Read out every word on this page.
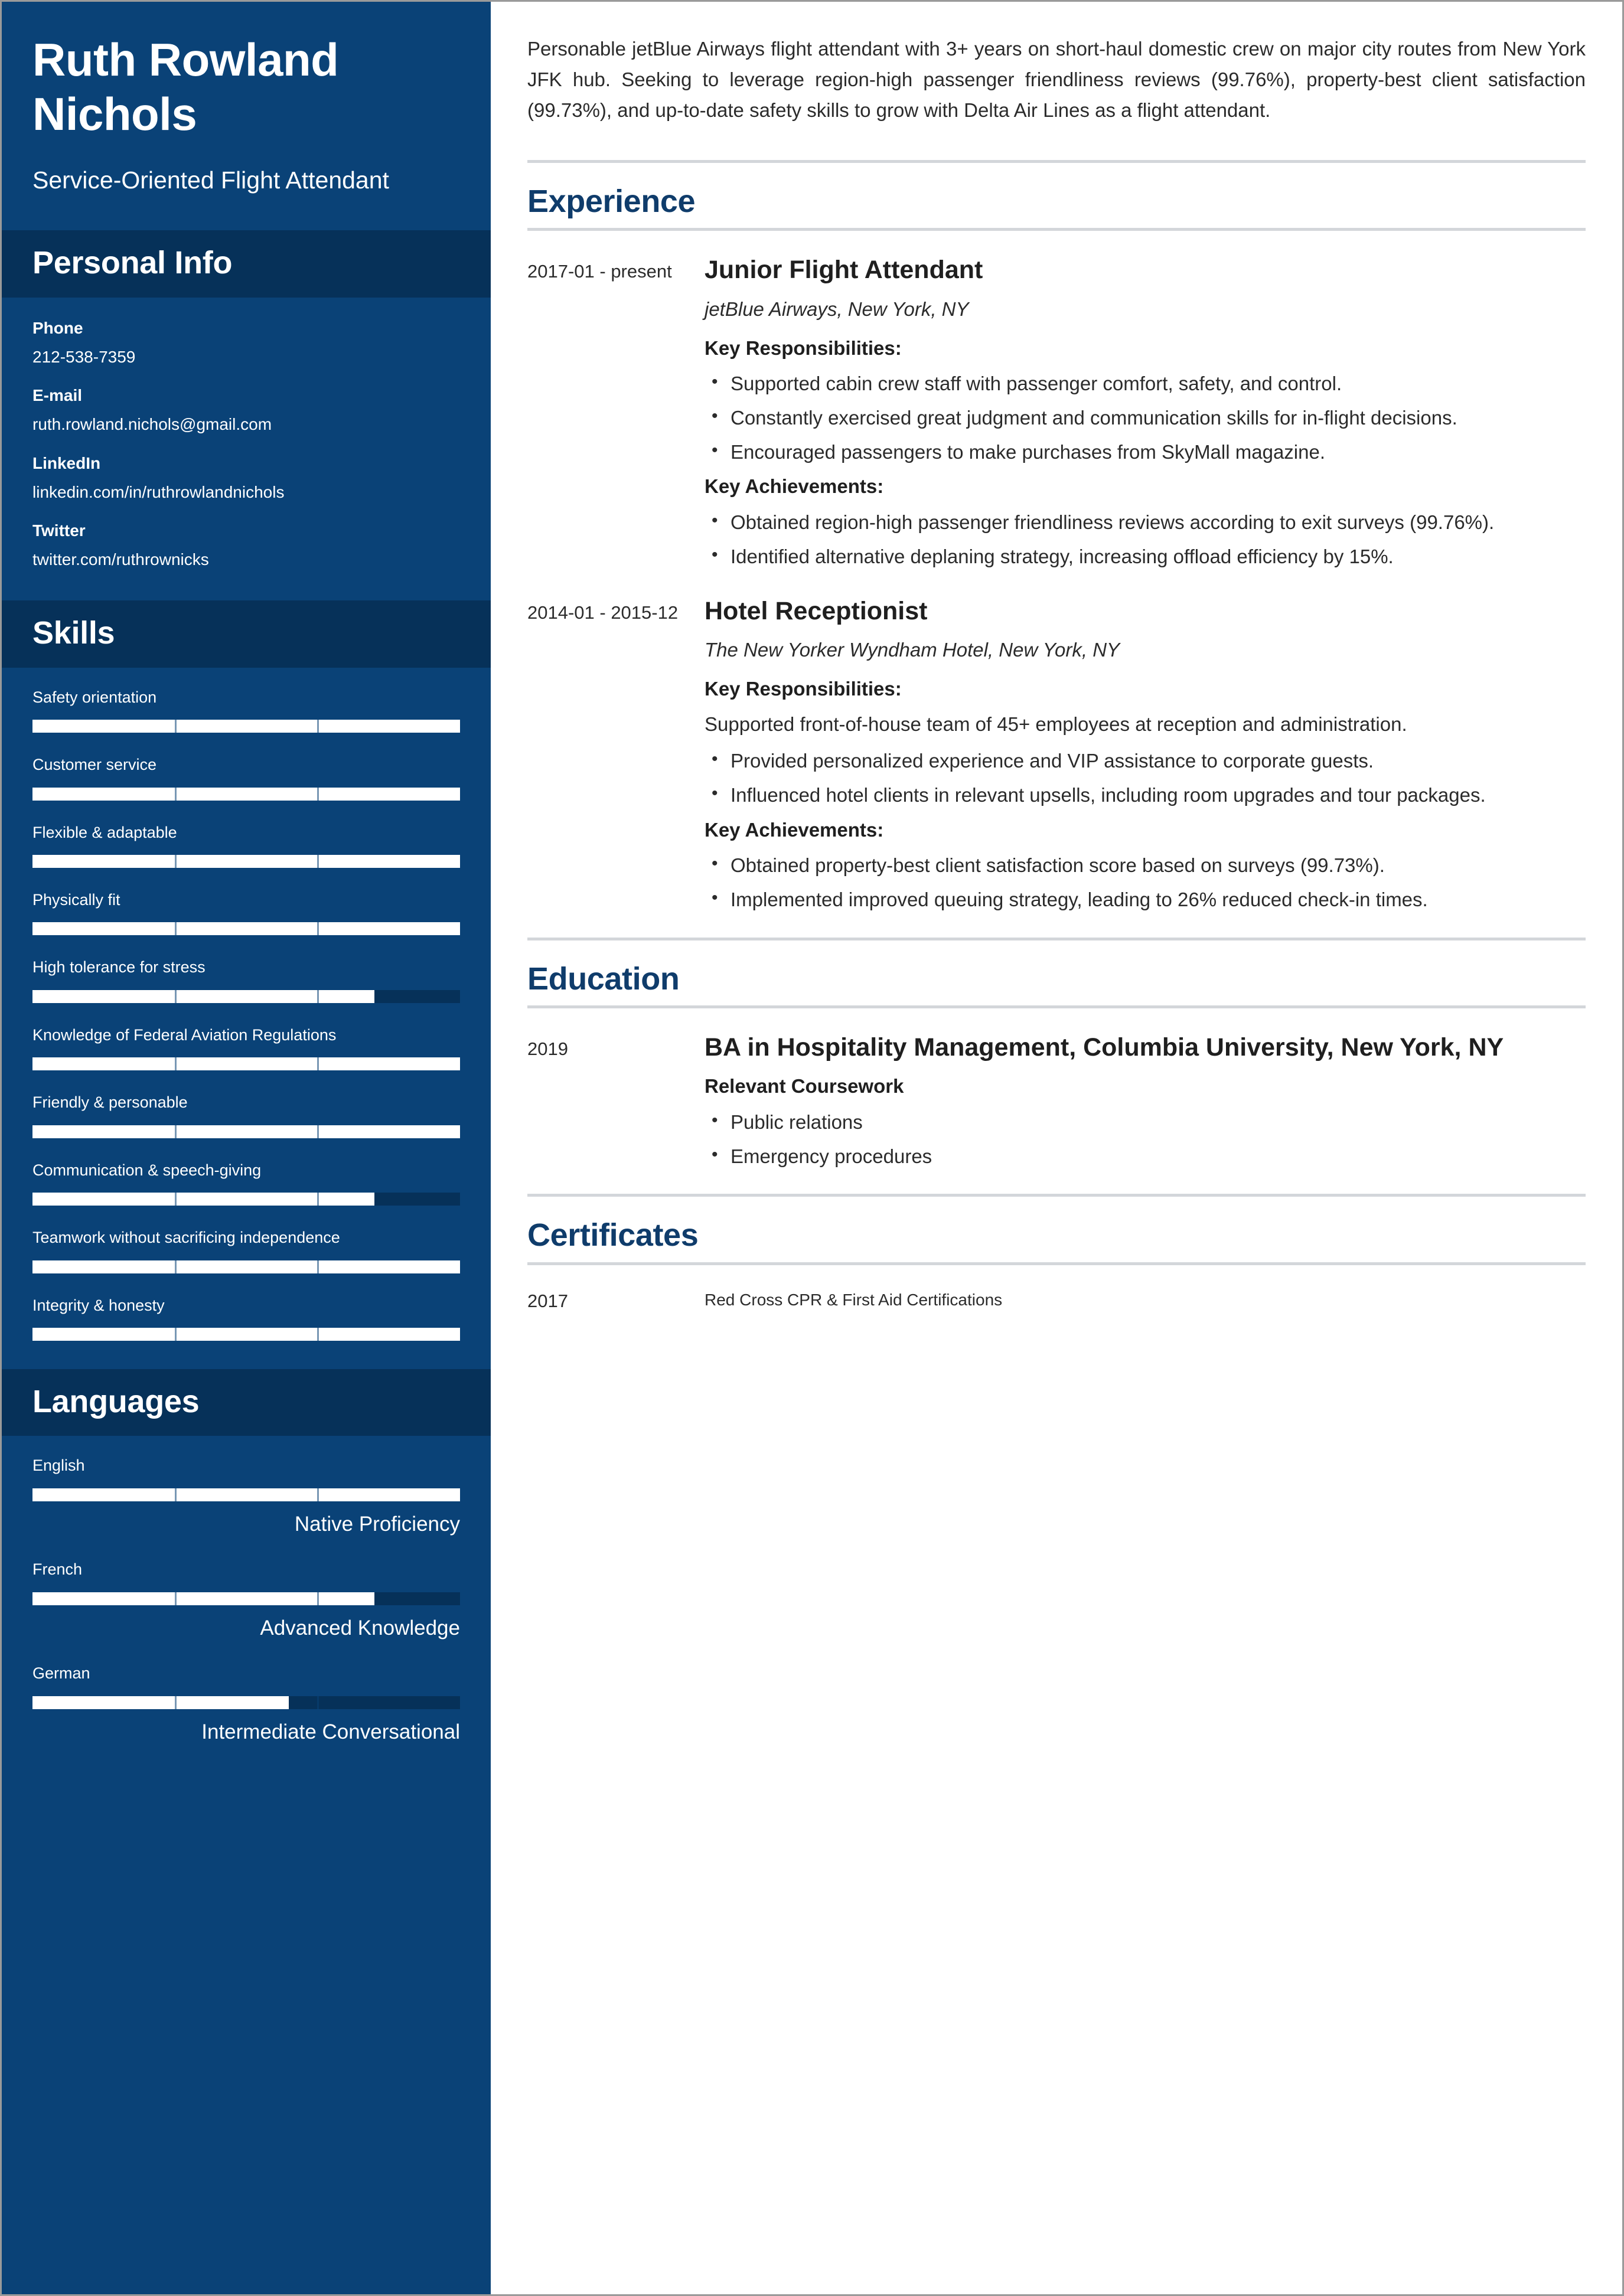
Ruth Rowland Nichols
Service-Oriented Flight Attendant
Personal Info
Phone
212-538-7359
E-mail
ruth.rowland.nichols@gmail.com
LinkedIn
linkedin.com/in/ruthrowlandnichols
Twitter
twitter.com/ruthrownicks
Skills
Safety orientation
Customer service
Flexible & adaptable
Physically fit
High tolerance for stress
Knowledge of Federal Aviation Regulations
Friendly & personable
Communication & speech-giving
Teamwork without sacrificing independence
Integrity & honesty
Languages
English
Native Proficiency
French
Advanced Knowledge
German
Intermediate Conversational

Personable jetBlue Airways flight attendant with 3+ years on short-haul domestic crew on major city routes from New York JFK hub. Seeking to leverage region-high passenger friendliness reviews (99.76%), property-best client satisfaction (99.73%), and up-to-date safety skills to grow with Delta Air Lines as a flight attendant.

Experience
2017-01 - present	Junior Flight Attendant
jetBlue Airways, New York, NY
Key Responsibilities:
• Supported cabin crew staff with passenger comfort, safety, and control.
• Constantly exercised great judgment and communication skills for in-flight decisions.
• Encouraged passengers to make purchases from SkyMall magazine.
Key Achievements:
• Obtained region-high passenger friendliness reviews according to exit surveys (99.76%).
• Identified alternative deplaning strategy, increasing offload efficiency by 15%.
2014-01 - 2015-12	Hotel Receptionist
The New Yorker Wyndham Hotel, New York, NY
Key Responsibilities:
Supported front-of-house team of 45+ employees at reception and administration.
• Provided personalized experience and VIP assistance to corporate guests.
• Influenced hotel clients in relevant upsells, including room upgrades and tour packages.
Key Achievements:
• Obtained property-best client satisfaction score based on surveys (99.73%).
• Implemented improved queuing strategy, leading to 26% reduced check-in times.
Education
2019	BA in Hospitality Management, Columbia University, New York, NY
Relevant Coursework
• Public relations
• Emergency procedures
Certificates
2017	Red Cross CPR & First Aid Certifications
